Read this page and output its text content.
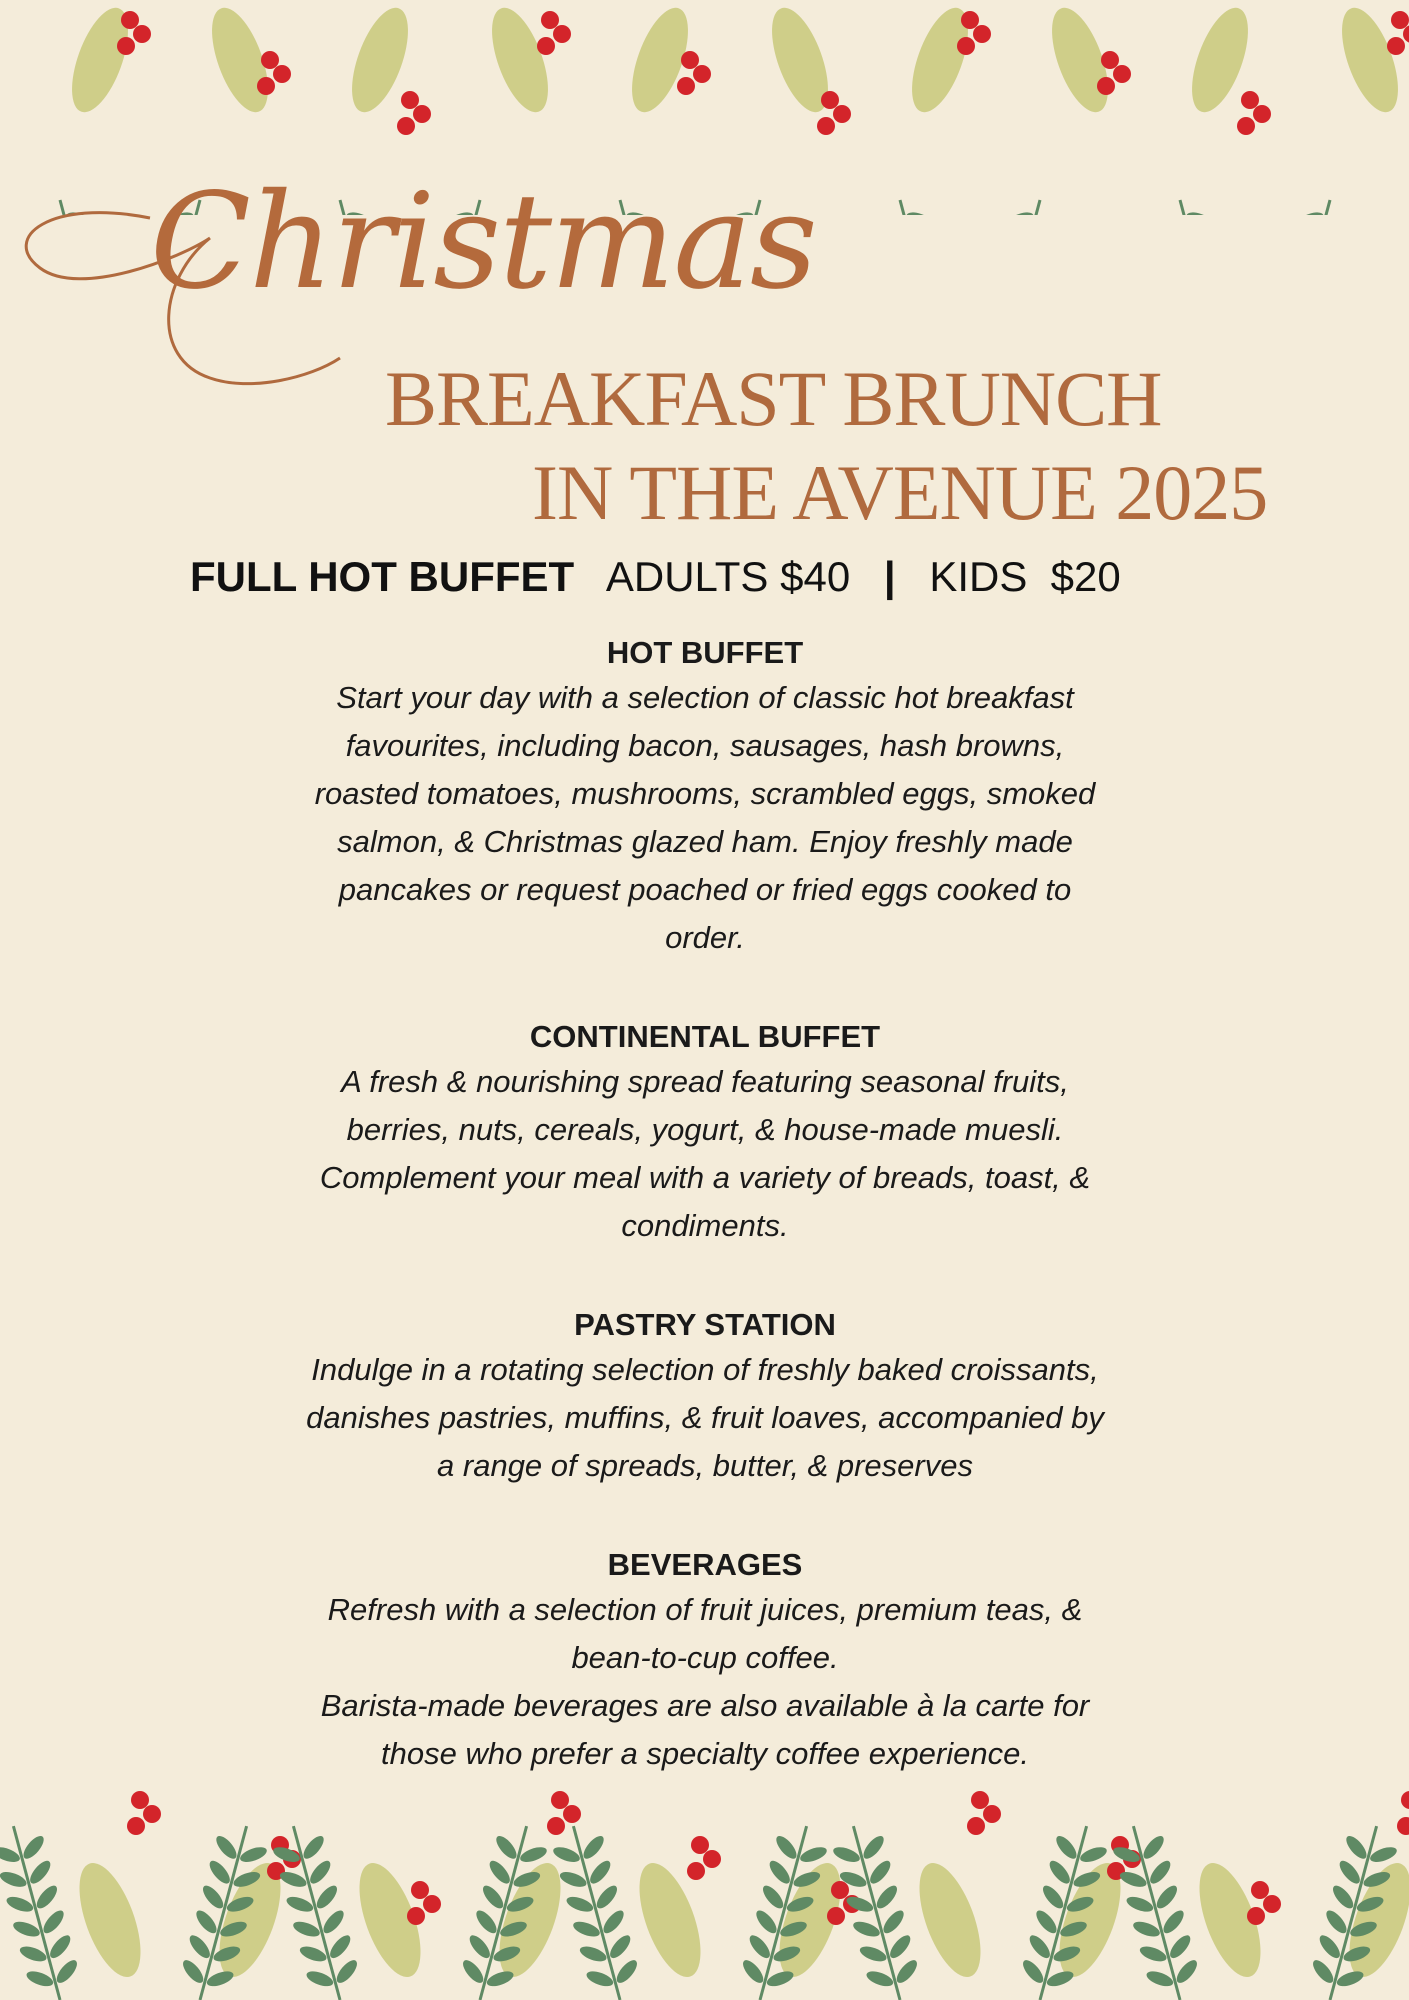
Christmas
BREAKFAST BRUNCH
IN THE AVENUE 2025
FULL HOT BUFFET ADULTS $40 | KIDS  $20
HOT BUFFET

Start your day with a selection of classic hot breakfast

favourites, including bacon, sausages, hash browns,

roasted tomatoes, mushrooms, scrambled eggs, smoked

salmon, & Christmas glazed ham. Enjoy freshly made

pancakes or request poached or fried eggs cooked to

order.

CONTINENTAL BUFFET

A fresh & nourishing spread featuring seasonal fruits,

berries, nuts, cereals, yogurt, & house-made muesli.

Complement your meal with a variety of breads, toast, &

condiments.

PASTRY STATION

Indulge in a rotating selection of freshly baked croissants,

danishes pastries, muffins, & fruit loaves, accompanied by

a range of spreads, butter, & preserves

BEVERAGES

Refresh with a selection of fruit juices, premium teas, &

bean-to-cup coffee.

Barista-made beverages are also available à la carte for

those who prefer a specialty coffee experience.
